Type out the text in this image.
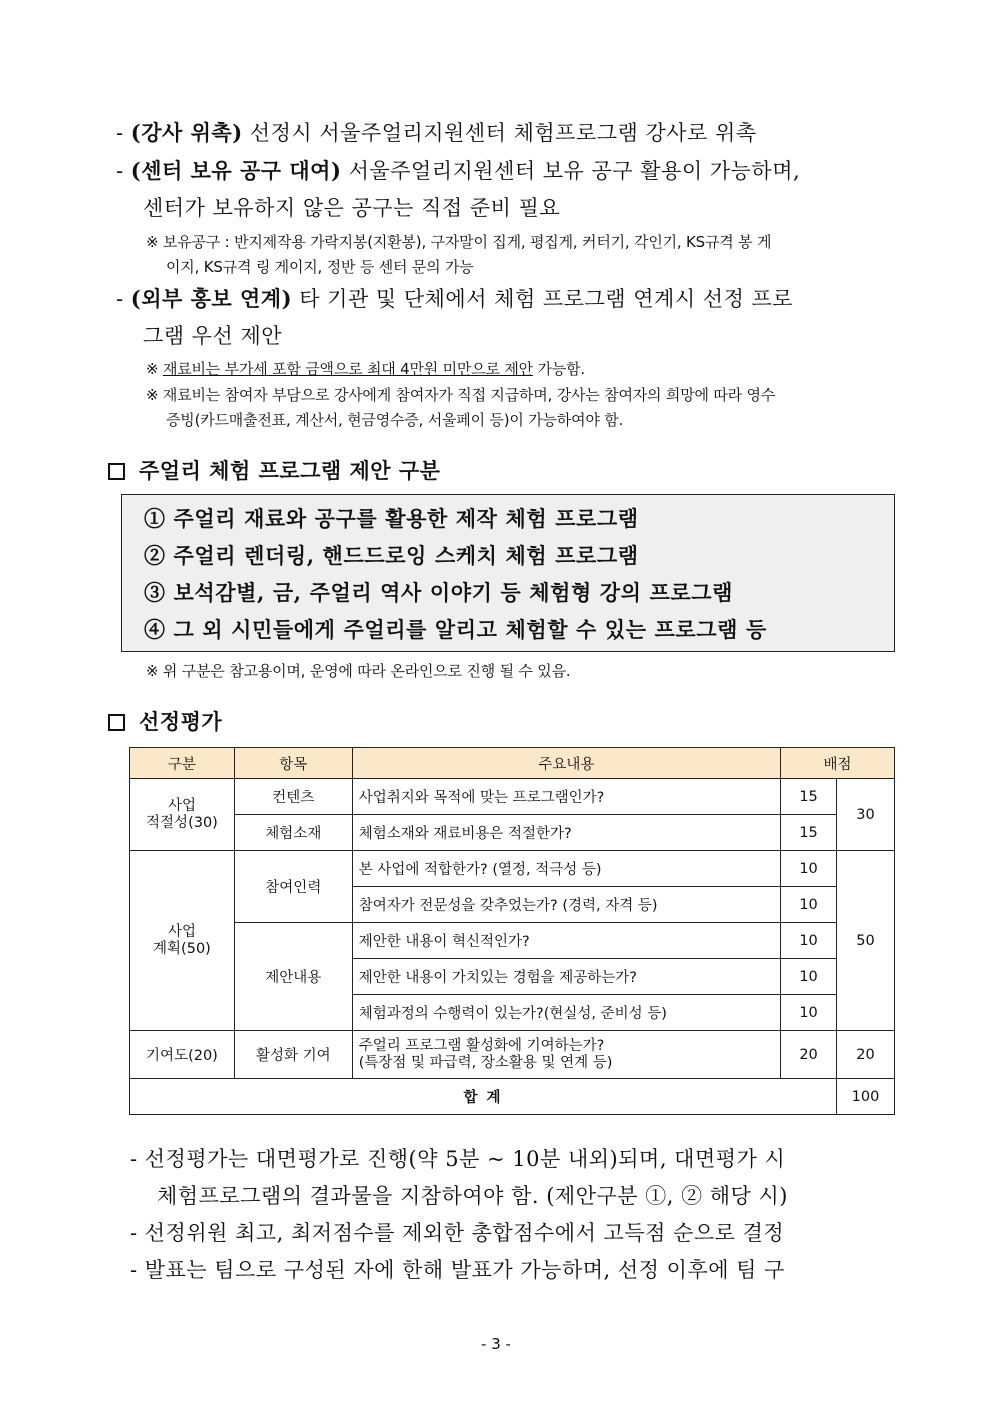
- (강사 위촉) 선정시 서울주얼리지원센터 체험프로그램 강사로 위촉
- (센터 보유 공구 대여) 서울주얼리지원센터 보유 공구 활용이 가능하며,
센터가 보유하지 않은 공구는 직접 준비 필요
※ 보유공구 : 반지제작용 가락지봉(지환봉), 구자말이 집게, 평집게, 커터기, 각인기, KS규격 봉 게
이지, KS규격 링 게이지, 정반 등 센터 문의 가능
- (외부 홍보 연계) 타 기관 및 단체에서 체험 프로그램 연계시 선정 프로
그램 우선 제안
※ 재료비는 부가세 포함 금액으로 최대 4만원 미만으로 제안 가능함.
※ 재료비는 참여자 부담으로 강사에게 참여자가 직접 지급하며, 강사는 참여자의 희망에 따라 영수
증빙(카드매출전표, 계산서, 현금영수증, 서울페이 등)이 가능하여야 함.
주얼리 체험 프로그램 제안 구분
① 주얼리 재료와 공구를 활용한 제작 체험 프로그램
② 주얼리 렌더링, 핸드드로잉 스케치 체험 프로그램
③ 보석감별, 금, 주얼리 역사 이야기 등 체험형 강의 프로그램
④ 그 외 시민들에게 주얼리를 알리고 체험할 수 있는 프로그램 등
※ 위 구분은 참고용이며, 운영에 따라 온라인으로 진행 될 수 있음.
선정평가
구분	항목	주요내용	배점	

사업
적절성(30)	컨텐츠	사업취지와 목적에 맞는 프로그램인가?	15	30
	체험소재	체험소재와 재료비용은 적절한가?	15	

사업
계획(50)	참여인력	본 사업에 적합한가? (열정, 적극성 등)	10	50
		참여자가 전문성을 갖추었는가? (경력, 자격 등)	10	
	제안내용	제안한 내용이 혁신적인가?	10	
		제안한 내용이 가치있는 경험을 제공하는가?	10	
		체험과정의 수행력이 있는가?(현실성, 준비성 등)	10	
기여도(20)	활성화 기여	주얼리 프로그램 활성화에 기여하는가?
(특장점 및 파급력, 장소활용 및 연계 등)	20	20
합 계				100
- 선정평가는 대면평가로 진행(약 5분 ~ 10분 내외)되며, 대면평가 시
체험프로그램의 결과물을 지참하여야 함. (제안구분 ①, ② 해당 시)
- 선정위원 최고, 최저점수를 제외한 총합점수에서 고득점 순으로 결정
- 발표는 팀으로 구성된 자에 한해 발표가 가능하며, 선정 이후에 팀 구
- 3 -
